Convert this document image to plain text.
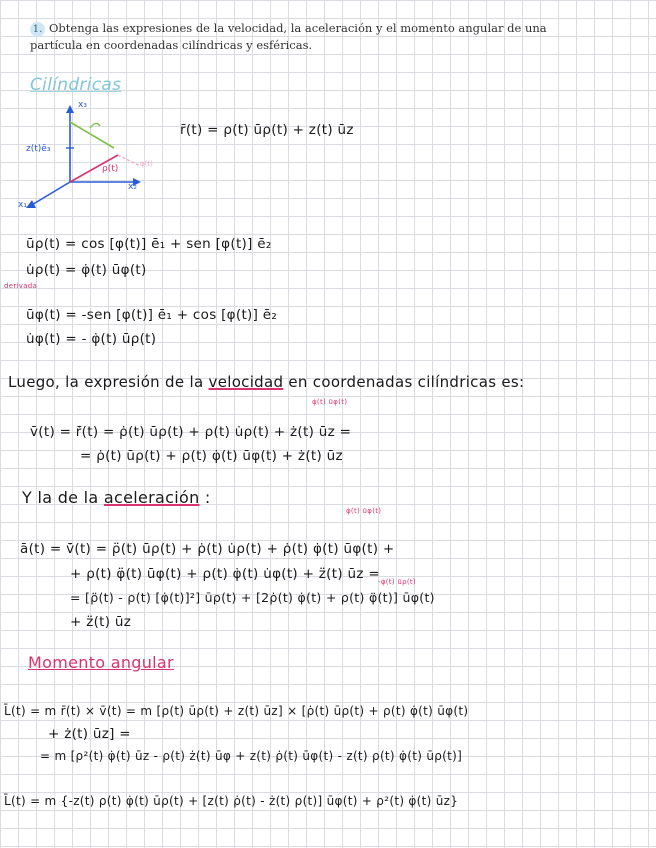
1. Obtenga las expresiones de la velocidad, la aceleración y el momento angular de una partícula en coordenadas cilíndricas y esféricas.
Cilíndricas
x₃
x₂
x₁
z(t)ē₃
ρ(t)	φ(t)
r̄(t) = ρ(t) ūρ(t) + z(t) ūz
ūρ(t) = cos [φ(t)] ē₁ + sen [φ(t)] ē₂
u̇ρ(t) = φ̇(t) ūφ(t)
derivada
ūφ(t) = -sen [φ(t)] ē₁ + cos [φ(t)] ē₂
u̇φ(t) = - φ̇(t) ūρ(t)
Luego, la expresión de la velocidad en coordenadas cilíndricas es:
φ̇(t) ūφ(t)
v̄(t) = r̄̇(t) = ρ̇(t) ūρ(t) + ρ(t) u̇ρ(t) + ż(t) ūz =
= ρ̇(t) ūρ(t) + ρ(t) φ̇(t) ūφ(t) + ż(t) ūz
Y la de la aceleración :
φ̇(t) ūφ(t)
ā(t) = v̄̇(t) = ρ̈(t) ūρ(t) + ρ̇(t) u̇ρ(t) + ρ̇(t) φ̇(t) ūφ(t) +
+ ρ(t) φ̈(t) ūφ(t) + ρ(t) φ̇(t) u̇φ(t) + z̈(t) ūz =
-φ̇(t) ūρ(t)
= [ρ̈(t) - ρ(t) [φ̇(t)]²] ūρ(t) + [2ρ̇(t) φ̇(t) + ρ(t) φ̈(t)] ūφ(t)
+ z̈(t) ūz
Momento angular
L̄(t) = m r̄(t) × v̄(t) = m [ρ(t) ūρ(t) + z(t) ūz] × [ρ̇(t) ūρ(t) + ρ(t) φ̇(t) ūφ(t)
+ ż(t) ūz] =
= m [ρ²(t) φ̇(t) ūz - ρ(t) ż(t) ūφ + z(t) ρ̇(t) ūφ(t) - z(t) ρ(t) φ̇(t) ūρ(t)]
L̄(t) = m {-z(t) ρ(t) φ̇(t) ūρ(t) + [z(t) ρ̇(t) - ż(t) ρ(t)] ūφ(t) + ρ²(t) φ̇(t) ūz}
